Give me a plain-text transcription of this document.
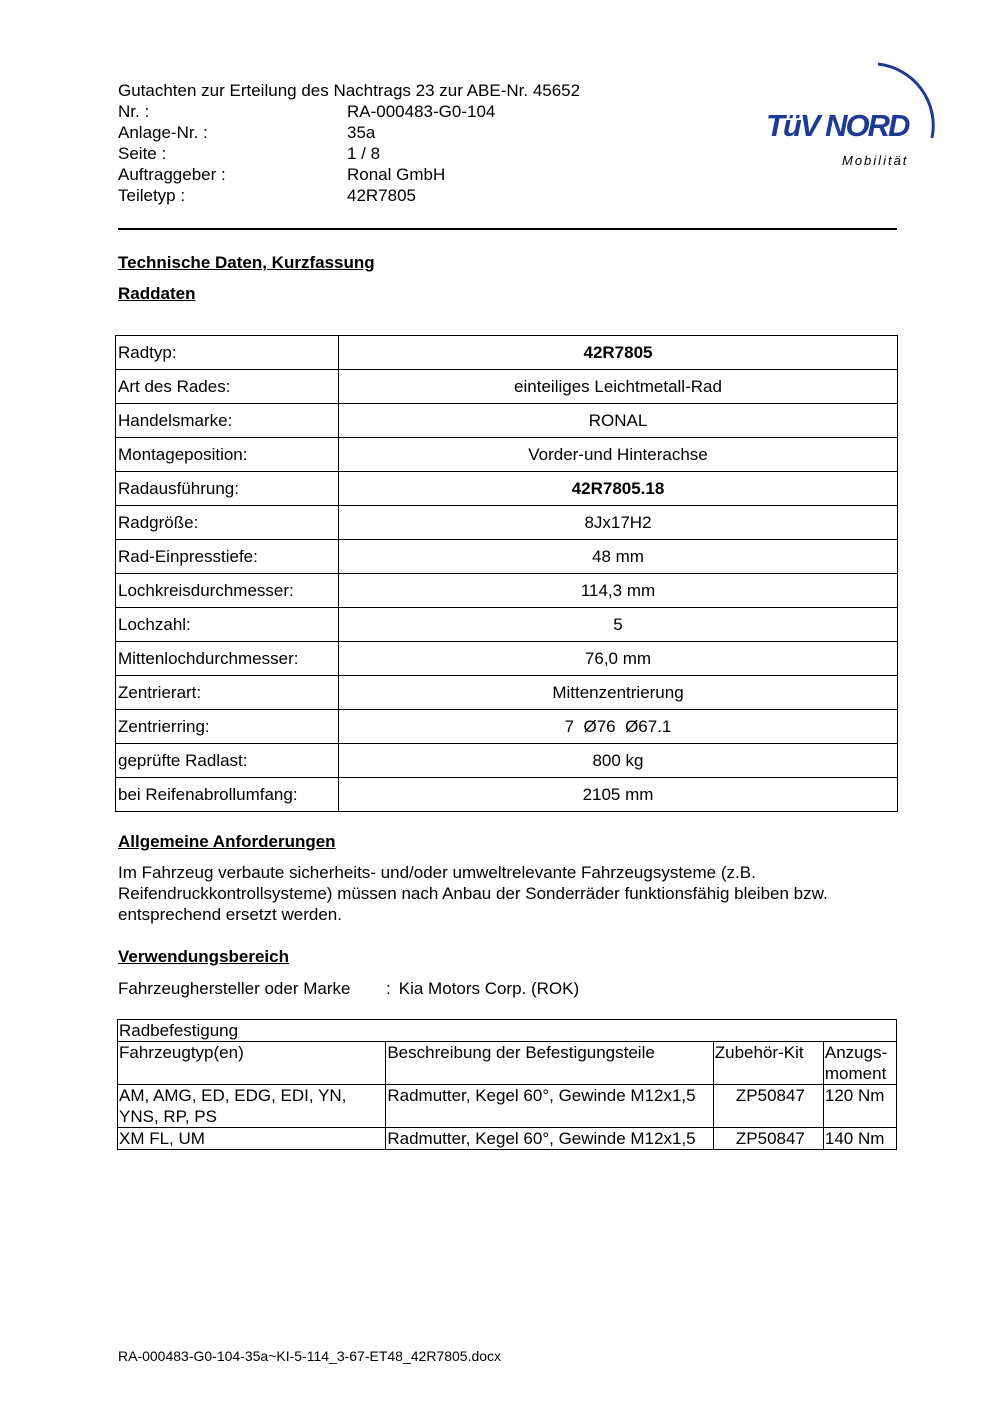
Gutachten zur Erteilung des Nachtrags 23 zur ABE-Nr. 45652
Nr. :	RA-000483-G0-104
Anlage-Nr. :	35a
Seite :	1 / 8
Auftraggeber :	Ronal GmbH
Teiletyp :	42R7805
TüV NORD
Mobilität
Technische Daten, Kurzfassung
Raddaten
Radtyp:	42R7805
Art des Rades:	einteiliges Leichtmetall-Rad
Handelsmarke:	RONAL
Montageposition:	Vorder-und Hinterachse
Radausführung:	42R7805.18
Radgröße:	8Jx17H2
Rad-Einpresstiefe:	48 mm
Lochkreisdurchmesser:	114,3 mm
Lochzahl:	5
Mittenlochdurchmesser:	76,0 mm
Zentrierart:	Mittenzentrierung
Zentrierring:	7  Ø76  Ø67.1
geprüfte Radlast:	800 kg
bei Reifenabrollumfang:	2105 mm
Allgemeine Anforderungen
Im Fahrzeug verbaute sicherheits- und/oder umweltrelevante Fahrzeugsysteme (z.B. Reifendruckkontrollsysteme) müssen nach Anbau der Sonderräder funktionsfähig bleiben bzw. entsprechend ersetzt werden.
Verwendungsbereich
Fahrzeughersteller oder Marke	: Kia Motors Corp. (ROK)
Radbefestigung			
Fahrzeugtyp(en)	Beschreibung der Befestigungsteile	Zubehör-Kit	Anzugs-moment
AM, AMG, ED, EDG, EDI, YN, YNS, RP, PS	Radmutter, Kegel 60°, Gewinde M12x1,5	ZP50847	120 Nm
XM FL, UM	Radmutter, Kegel 60°, Gewinde M12x1,5	ZP50847	140 Nm
RA-000483-G0-104-35a~KI-5-114_3-67-ET48_42R7805.docx
